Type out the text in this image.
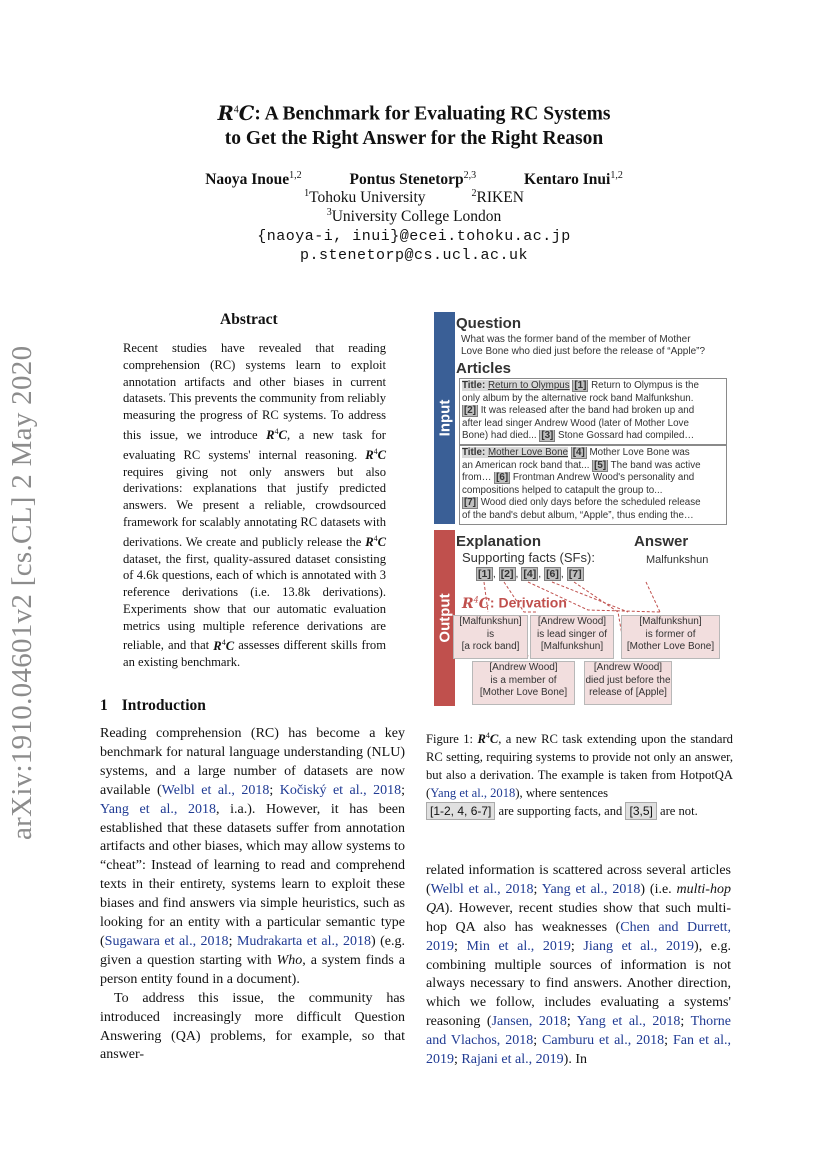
arXiv:1910.04601v2 [cs.CL] 2 May 2020
$R^4C$: A Benchmark for Evaluating RC Systems
to Get the Right Answer for the Right Reason
Naoya Inoue$^{1,2}$	Pontus Stenetorp$^{2,3}$	Kentaro Inui$^{1,2}$
$^1$Tohoku University	$^2$RIKEN
$^3$University College London
{naoya-i, inui}@ecei.tohoku.ac.jp
p.stenetorp@cs.ucl.ac.uk
Abstract
Recent studies have revealed that reading comprehension (RC) systems learn to exploit annotation artifacts and other biases in current datasets. This prevents the community from reliably measuring the progress of RC systems. To address this issue, we introduce $R^4C$, a new task for evaluating RC systems' internal reasoning. $R^4C$ requires giving not only answers but also derivations: explanations that justify predicted answers. We present a reliable, crowdsourced framework for scalably annotating RC datasets with derivations. We create and publicly release the $R^4C$ dataset, the first, quality-assured dataset consisting of 4.6k questions, each of which is annotated with 3 reference derivations (i.e. 13.8k derivations). Experiments show that our automatic evaluation metrics using multiple reference derivations are reliable, and that $R^4C$ assesses different skills from an existing benchmark.
1 Introduction

Reading comprehension (RC) has become a key benchmark for natural language understanding (NLU) systems, and a large number of datasets are now available (Welbl et al., 2018; Kočiský et al., 2018; Yang et al., 2018, i.a.). However, it has been established that these datasets suffer from annotation artifacts and other biases, which may allow systems to “cheat”: Instead of learning to read and comprehend texts in their entirety, systems learn to exploit these biases and find answers via simple heuristics, such as looking for an entity with a particular semantic type (Sugawara et al., 2018; Mudrakarta et al., 2018) (e.g. given a question starting with Who, a system finds a person entity found in a document).

To address this issue, the community has introduced increasingly more difficult Question Answering (QA) problems, for example, so that answer-

related information is scattered across several articles (Welbl et al., 2018; Yang et al., 2018) (i.e. multi-hop QA). However, recent studies show that such multi-hop QA also has weaknesses (Chen and Durrett, 2019; Min et al., 2019; Jiang et al., 2019), e.g. combining multiple sources of information is not always necessary to find answers. Another direction, which we follow, includes evaluating a systems' reasoning (Jansen, 2018; Yang et al., 2018; Thorne and Vlachos, 2018; Camburu et al., 2018; Fan et al., 2019; Rajani et al., 2019). In

Input
Output
Question
What was the former band of the member of Mother
Love Bone who died just before the release of “Apple”?
Articles
Title: Return to Olympus [1] Return to Olympus is the
only album by the alternative rock band Malfunkshun.
[2] It was released after the band had broken up and
after lead singer Andrew Wood (later of Mother Love
Bone) had died... [3] Stone Gossard had compiled…
Title: Mother Love Bone [4] Mother Love Bone was
an American rock band that... [5] The band was active
from… [6] Frontman Andrew Wood's personality and
compositions helped to catapult the group to...
[7] Wood died only days before the scheduled release
of the band's debut album, “Apple”, thus ending the…
Explanation	Answer
Supporting facts (SFs):	Malfunkshun
[1] , [2] , [4] , [6] , [7]
$R^4C$: Derivation
[Malfunkshun]
is
[a rock band]
[Andrew Wood]
is lead singer of
[Malfunkshun]
[Malfunkshun]
is former of
[Mother Love Bone]
[Andrew Wood]
is a member of
[Mother Love Bone]
[Andrew Wood]
died just before the
release of [Apple]
Figure 1: $R^4C$, a new RC task extending upon the standard RC setting, requiring systems to provide not only an answer, but also a derivation. The example is taken from HotpotQA (Yang et al., 2018), where sentences
[1-2, 4, 6-7] are supporting facts, and [3,5] are not.
